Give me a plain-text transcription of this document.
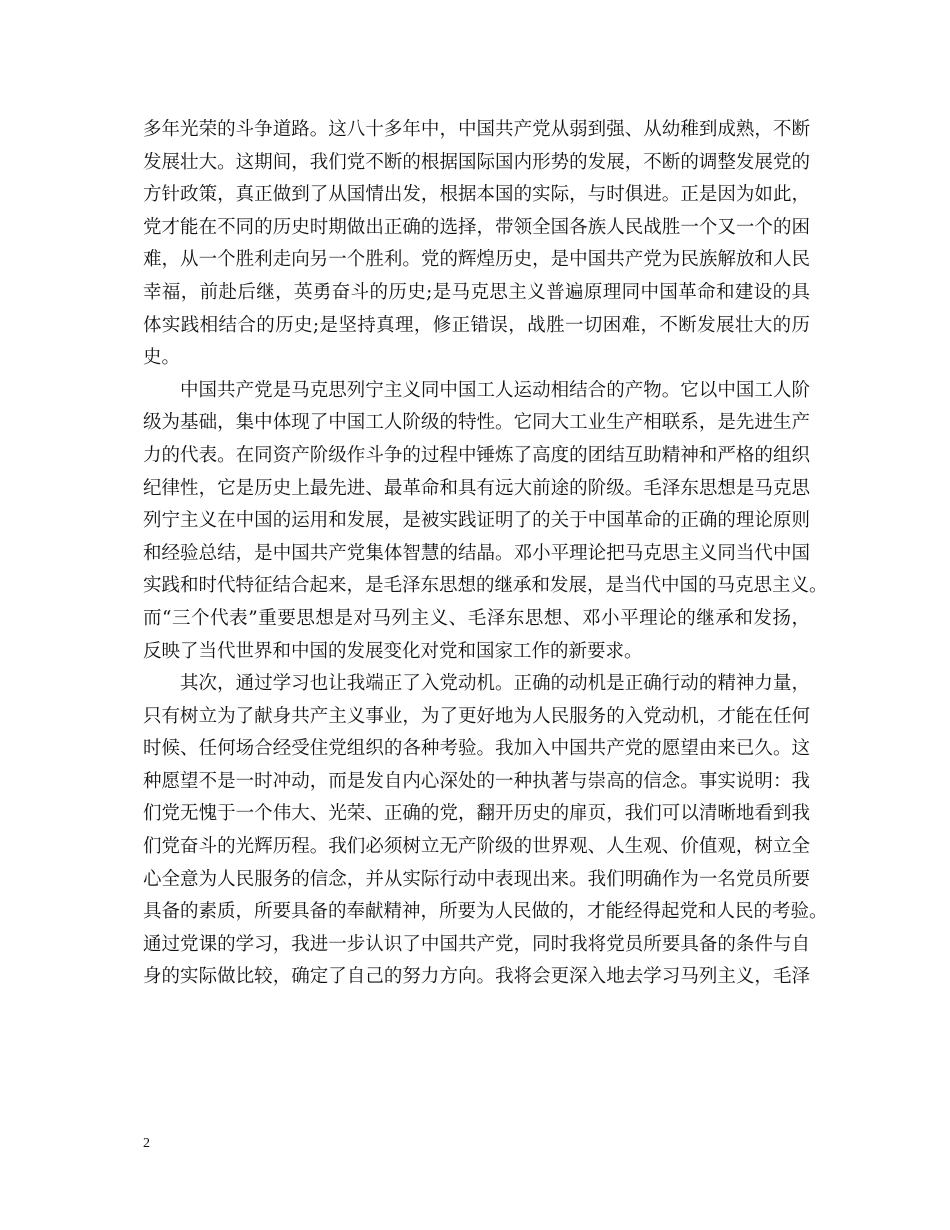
多年光荣的斗争道路。这八十多年中，中国共产党从弱到强、从幼稚到成熟，不断
发展壮大。这期间，我们党不断的根据国际国内形势的发展，不断的调整发展党的
方针政策，真正做到了从国情出发，根据本国的实际，与时俱进。正是因为如此，
党才能在不同的历史时期做出正确的选择，带领全国各族人民战胜一个又一个的困
难，从一个胜利走向另一个胜利。党的辉煌历史，是中国共产党为民族解放和人民
幸福，前赴后继，英勇奋斗的历史;是马克思主义普遍原理同中国革命和建设的具
体实践相结合的历史;是坚持真理，修正错误，战胜一切困难，不断发展壮大的历
史。
中国共产党是马克思列宁主义同中国工人运动相结合的产物。它以中国工人阶
级为基础，集中体现了中国工人阶级的特性。它同大工业生产相联系，是先进生产
力的代表。在同资产阶级作斗争的过程中锤炼了高度的团结互助精神和严格的组织
纪律性，它是历史上最先进、最革命和具有远大前途的阶级。毛泽东思想是马克思
列宁主义在中国的运用和发展，是被实践证明了的关于中国革命的正确的理论原则
和经验总结，是中国共产党集体智慧的结晶。邓小平理论把马克思主义同当代中国
实践和时代特征结合起来，是毛泽东思想的继承和发展，是当代中国的马克思主义。
而“三个代表”重要思想是对马列主义、毛泽东思想、邓小平理论的继承和发扬，
反映了当代世界和中国的发展变化对党和国家工作的新要求。
其次，通过学习也让我端正了入党动机。正确的动机是正确行动的精神力量，
只有树立为了献身共产主义事业，为了更好地为人民服务的入党动机，才能在任何
时候、任何场合经受住党组织的各种考验。我加入中国共产党的愿望由来已久。这
种愿望不是一时冲动，而是发自内心深处的一种执著与崇高的信念。事实说明：我
们党无愧于一个伟大、光荣、正确的党，翻开历史的扉页，我们可以清晰地看到我
们党奋斗的光辉历程。我们必须树立无产阶级的世界观、人生观、价值观，树立全
心全意为人民服务的信念，并从实际行动中表现出来。我们明确作为一名党员所要
具备的素质，所要具备的奉献精神，所要为人民做的，才能经得起党和人民的考验。
通过党课的学习，我进一步认识了中国共产党，同时我将党员所要具备的条件与自
身的实际做比较，确定了自己的努力方向。我将会更深入地去学习马列主义，毛泽
2
